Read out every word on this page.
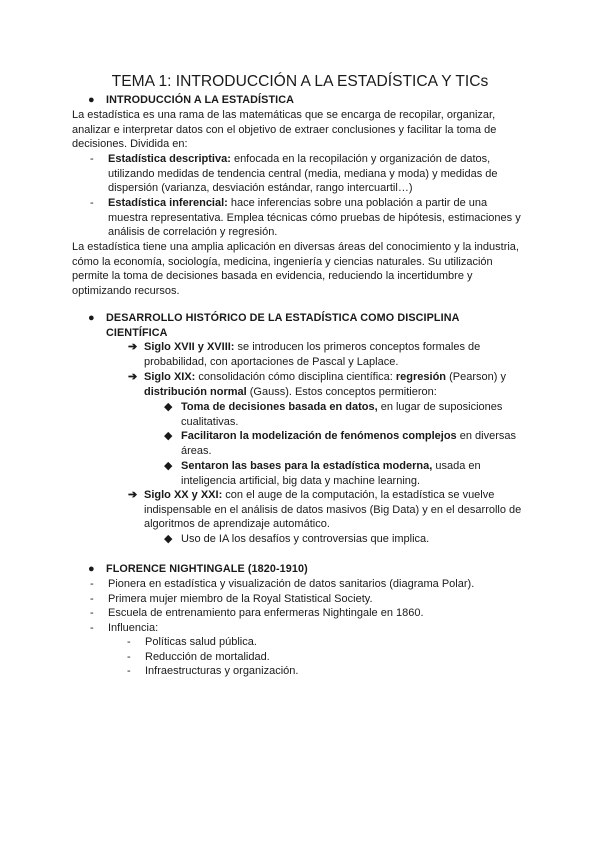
TEMA 1: INTRODUCCIÓN A LA ESTADÍSTICA Y TICs
● INTRODUCCIÓN A LA ESTADÍSTICA

La estadística es una rama de las matemáticas que se encarga de recopilar, organizar,

analizar e interpretar datos con el objetivo de extraer conclusiones y facilitar la toma de

decisiones. Dividida en:

- Estadística descriptiva: enfocada en la recopilación y organización de datos,

utilizando medidas de tendencia central (media, mediana y moda) y medidas de

dispersión (varianza, desviación estándar, rango intercuartil…)

- Estadística inferencial: hace inferencias sobre una población a partir de una

muestra representativa. Emplea técnicas cómo pruebas de hipótesis, estimaciones y

análisis de correlación y regresión.

La estadística tiene una amplia aplicación en diversas áreas del conocimiento y la industria,

cómo la economía, sociología, medicina, ingeniería y ciencias naturales. Su utilización

permite la toma de decisiones basada en evidencia, reduciendo la incertidumbre y

optimizando recursos.

● DESARROLLO HISTÓRICO DE LA ESTADÍSTICA COMO DISCIPLINA

CIENTÍFICA

➔ Siglo XVII y XVIII: se introducen los primeros conceptos formales de

probabilidad, con aportaciones de Pascal y Laplace.

➔ Siglo XIX: consolidación cómo disciplina científica: regresión (Pearson) y

distribución normal (Gauss). Estos conceptos permitieron:

◆ Toma de decisiones basada en datos, en lugar de suposiciones

cualitativas.

◆ Facilitaron la modelización de fenómenos complejos en diversas

áreas.

◆ Sentaron las bases para la estadística moderna, usada en

inteligencia artificial, big data y machine learning.

➔ Siglo XX y XXI: con el auge de la computación, la estadística se vuelve

indispensable en el análisis de datos masivos (Big Data) y en el desarrollo de

algoritmos de aprendizaje automático.

◆ Uso de IA los desafíos y controversias que implica.

● FLORENCE NIGHTINGALE (1820-1910)
- Pionera en estadística y visualización de datos sanitarios (diagrama Polar).

- Primera mujer miembro de la Royal Statistical Society.

- Escuela de entrenamiento para enfermeras Nightingale en 1860.

- Influencia:

- Políticas salud pública.

- Reducción de mortalidad.

- Infraestructuras y organización.
